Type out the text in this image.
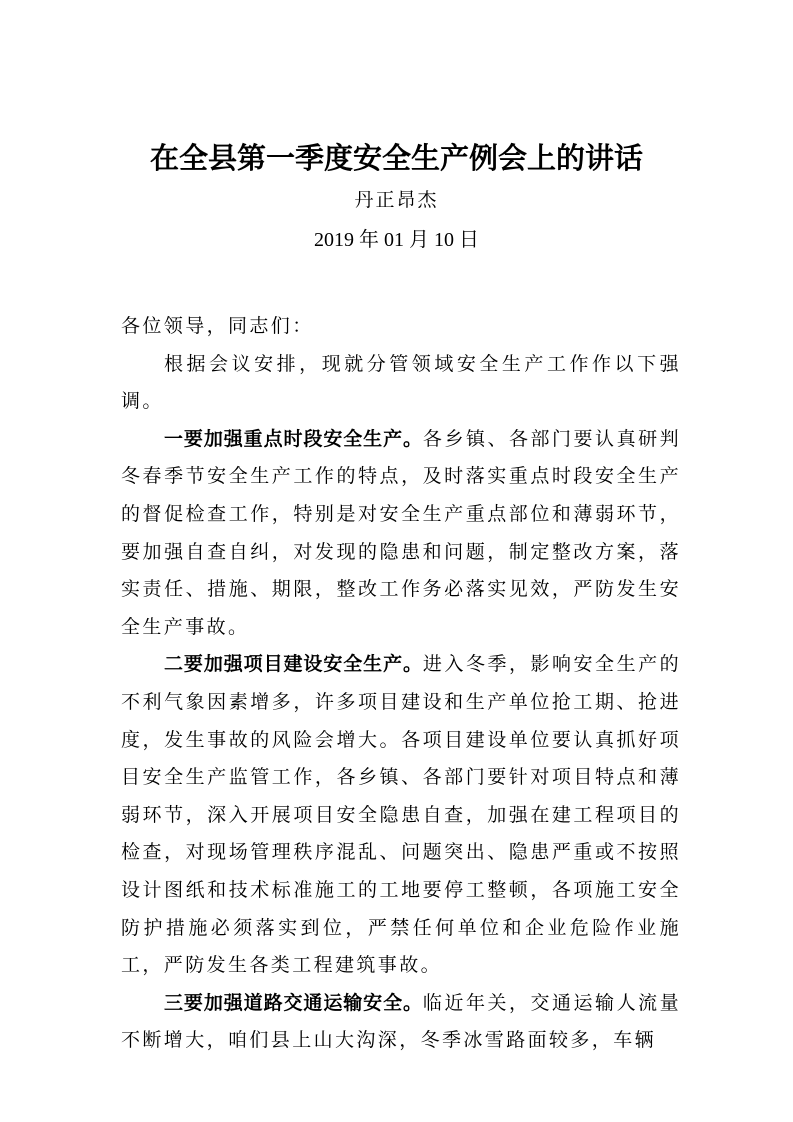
在全县第一季度安全生产例会上的讲话
丹正昂杰
2019 年 01 月 10 日

各位领导，同志们：

根据会议安排，现就分管领域安全生产工作作以下强调。

一要加强重点时段安全生产。各乡镇、各部门要认真研判冬春季节安全生产工作的特点，及时落实重点时段安全生产的督促检查工作，特别是对安全生产重点部位和薄弱环节，要加强自查自纠，对发现的隐患和问题，制定整改方案，落实责任、措施、期限，整改工作务必落实见效，严防发生安全生产事故。

二要加强项目建设安全生产。进入冬季，影响安全生产的不利气象因素增多，许多项目建设和生产单位抢工期、抢进度，发生事故的风险会增大。各项目建设单位要认真抓好项目安全生产监管工作，各乡镇、各部门要针对项目特点和薄弱环节，深入开展项目安全隐患自查，加强在建工程项目的检查，对现场管理秩序混乱、问题突出、隐患严重或不按照设计图纸和技术标准施工的工地要停工整顿，各项施工安全防护措施必须落实到位，严禁任何单位和企业危险作业施工，严防发生各类工程建筑事故。

三要加强道路交通运输安全。临近年关，交通运输人流量不断增大，咱们县上山大沟深，冬季冰雪路面较多，车辆
